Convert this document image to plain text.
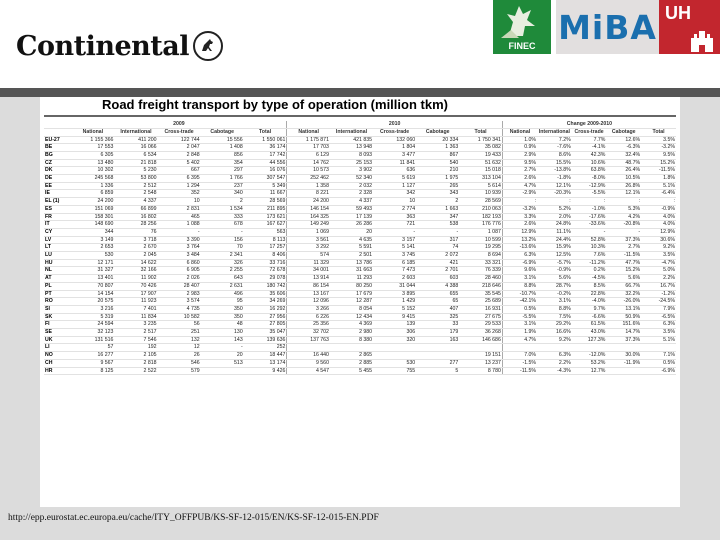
Continental	FINEC MiBA UH
Road freight transport by type of operation (million tkm)
	2009					2010					Change 2009-2010				
	National	International	Cross-trade	Cabotage	Total	National	International	Cross-trade	Cabotage	Total	National	International	Cross-trade	Cabotage	Total
EU-27	1 155 366	411 200	122 744	15 556	1 550 061	1 175 871	421 835	132 060	20 334	1 750 341	1.0%	7.2%	7.7%	12.6%	3.5%
BE	17 553	16 066	2 047	1 408	36 174	17 703	13 948	1 804	1 363	35 082	0.9%	-7.6%	-4.1%	-6.3%	-3.2%
BG	6 305	6 534	2 848	856	17 742	6 129	8 093	3 477	867	19 433	2.9%	8.6%	42.3%	32.4%	9.5%
CZ	13 480	21 818	5 402	354	44 556	14 762	25 153	11 841	540	51 632	9.5%	15.5%	10.6%	48.7%	15.2%
DK	10 302	5 230	667	297	16 076	10 573	3 902	636	210	15 018	2.7%	-13.8%	63.8%	26.4%	-11.5%
DE	245 568	53 800	6 395	1 766	307 547	252 462	52 340	5 619	1 975	313 104	2.6%	-1.8%	-8.0%	10.5%	1.8%
EE	1 336	2 512	1 294	237	5 349	1 358	2 032	1 127	265	5 614	4.7%	12.1%	-12.9%	26.8%	5.1%
IE	6 859	2 548	352	340	11 667	8 221	2 328	342	343	10 939	-2.9%	-20.3%	-5.5%	12.1%	-6.4%
EL (1)	24 200	4 337	10	2	28 569	24 200	4 337	10	2	28 569	:	:	:	:	:
ES	151 069	66 899	2 831	1 534	211 895	146 154	59 493	2 774	1 663	210 063	-3.2%	5.2%	-1.0%	5.3%	-0.9%
FR	158 301	16 802	465	333	173 621	164 325	17 139	363	347	182 193	3.3%	2.0%	-17.6%	4.2%	4.0%
IT	148 690	28 256	1 088	678	167 627	149 249	26 286	721	538	176 776	2.6%	24.8%	-33.6%	-20.8%	4.0%
CY	344	76	-	-	563	1 069	20	-	-	1 087	12.9%	11.1%	-	-	12.9%
LV	3 149	3 718	3 390	156	8 113	3 561	4 635	3 157	317	10 599	13.2%	24.4%	52.8%	37.3%	30.6%
LT	2 653	2 670	3 764	70	17 257	3 292	5 591	5 141	74	19 295	-13.6%	15.9%	10.3%	2.7%	9.2%
LU	530	2 045	3 484	2 341	8 406	574	2 501	3 745	2 072	8 694	6.3%	12.5%	7.6%	-11.5%	3.5%
HU	12 171	14 622	6 860	326	33 716	11 329	13 786	6 185	421	33 321	-6.9%	-5.7%	-11.2%	47.7%	-4.7%
NL	31 327	32 166	6 905	2 255	72 678	34 001	31 663	7 473	2 701	76 339	9.6%	-0.9%	0.2%	15.2%	5.0%
AT	13 401	11 902	2 026	643	29 078	13 914	11 293	2 603	603	28 460	3.1%	5.6%	-4.5%	5.6%	2.2%
PL	70 807	70 426	28 407	2 631	180 742	86 154	80 250	31 044	4 388	218 646	8.8%	28.7%	8.5%	66.7%	16.7%
PT	14 154	17 907	2 983	496	35 606	13 167	17 679	3 895	655	35 545	-10.7%	-0.2%	22.8%	32.2%	-1.2%
RO	20 575	11 923	3 574	95	34 269	12 096	12 287	1 429	65	25 689	-42.1%	3.1%	-4.0%	-26.0%	-24.5%
SI	3 216	7 401	4 735	350	16 292	3 266	8 054	5 152	407	16 931	0.5%	8.8%	9.7%	13.1%	7.9%
SK	5 319	11 834	10 582	350	27 956	6 226	12 434	9 415	325	27 675	-5.5%	7.5%	-6.6%	50.9%	-6.5%
FI	24 594	3 235	56	48	27 805	25 356	4 369	139	33	29 533	3.1%	29.2%	61.5%	151.6%	6.3%
SE	32 123	2 517	251	130	35 047	32 702	2 980	306	179	36 268	1.9%	16.6%	43.0%	14.7%	3.5%
UK	131 516	7 546	132	143	139 636	137 763	8 380	320	163	146 686	4.7%	9.2%	127.3%	37.3%	5.1%
LI	57	192	12	-	252										
NO	16 277	2 105	26	20	18 447	16 440	2 865			19 151	7.0%	6.3%	-12.0%	30.0%	7.1%
CH	9 567	2 818	546	513	13 174	9 560	2 885	530	277	13 237	-1.5%	2.2%	53.2%	-11.9%	0.5%
HR	8 125	2 522	579		9 426	4 547	5 455	755	5	8 780	-11.5%	-4.3%	12.7%		-6.9%
http://epp.eurostat.ec.europa.eu/cache/ITY_OFFPUB/KS-SF-12-015/EN/KS-SF-12-015-EN.PDF
